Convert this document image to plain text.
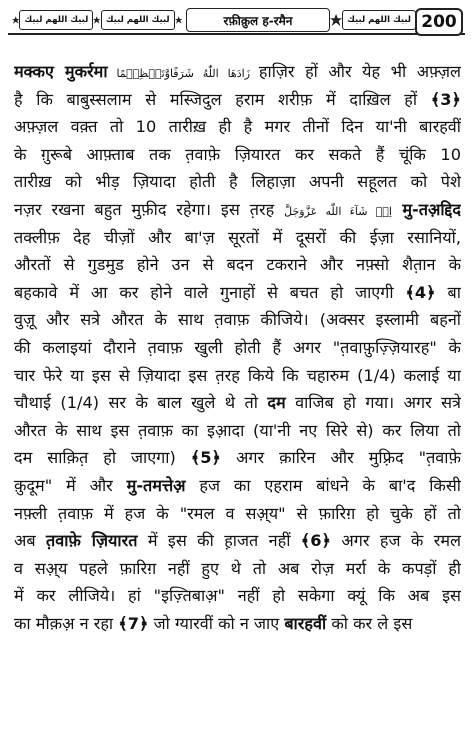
لبيك اللهم لبيك	لبيك اللهم لبيك	रफ़ीक़ुल ह-रमैन	لبيك اللهم لبيك 200
मक्कए मुकर्रमा زَادَهَا اللّٰهُ شَرَفًاوَّتَعۡظِيۡمًا हाज़िर हों और येह भी अफ़्ज़ल
है कि बाबुस्सलाम से मस्जिदुल हराम शरीफ़ में दाख़िल हों ﴾3﴿
अफ़्ज़ल वक़्त तो 10 तारीख़ ही है मगर तीनों दिन या'नी बारहवीं
के ग़ुरूबे आफ़्ताब तक त़वाफ़े ज़ियारत कर सकते हैं चूंकि 10
तारीख़ को भीड़ ज़ियादा होती है लिहाज़ा अपनी सहूलत को पेशे
नज़र रखना बहुत मुफ़ीद रहेगा। इस त़रह اِنۡ شَآءَ اللّٰه عَزَّوَجَلَّ मु-तअ़द्दिद
तक्लीफ़ देह चीज़ों और बा'ज़ सूरतों में दूसरों की ईज़ा रसानियों,
औरतों से गुडमुड होने उन से बदन टकराने और नफ़्सो शैत़ान के
बहकावे में आ कर होने वाले गुनाहों से बचत हो जाएगी ﴾4﴿ बा
वुज़ू और सत्रे औरत के साथ त़वाफ़ कीजिये। (अक्सर इस्लामी बहनों
की कलाइयां दौराने त़वाफ़ खुली होती हैं अगर "त़वाफ़ुज़्ज़ियारह" के
चार फेरे या इस से ज़ियादा इस त़रह किये कि चहारुम (1/4) कलाई या
चौथाई (1/4) सर के बाल खुले थे तो दम वाजिब हो गया। अगर सत्रे
औरत के साथ इस त़वाफ़ का इआ़दा (या'नी नए सिरे से) कर लिया तो
दम साक़ित़ हो जाएगा) ﴾5﴿ अगर क़ारिन और मुफ़्रिद "त़वाफ़े
क़ुदूम" में और मु-तमत्तेअ़ हज का एहराम बांधने के बा'द किसी
नफ़्ली त़वाफ़ में हज के "रमल व सअ़्य" से फ़ारिग़ हो चुके हों तो
अब त़वाफ़े ज़ियारत में इस की ह़ाजत नहीं ﴾6﴿ अगर हज के रमल
व सअ़्य पहले फ़ारिग़ नहीं हुए थे तो अब रोज़ मर्रा के कपड़ों ही
में कर लीजिये। हां "इज़्तिबाअ़" नहीं हो सकेगा क्यूं कि अब इस
का मौक़अ़ न रहा ﴾7﴿ जो ग्यारवीं को न जाए बारहवीं को कर ले इस
